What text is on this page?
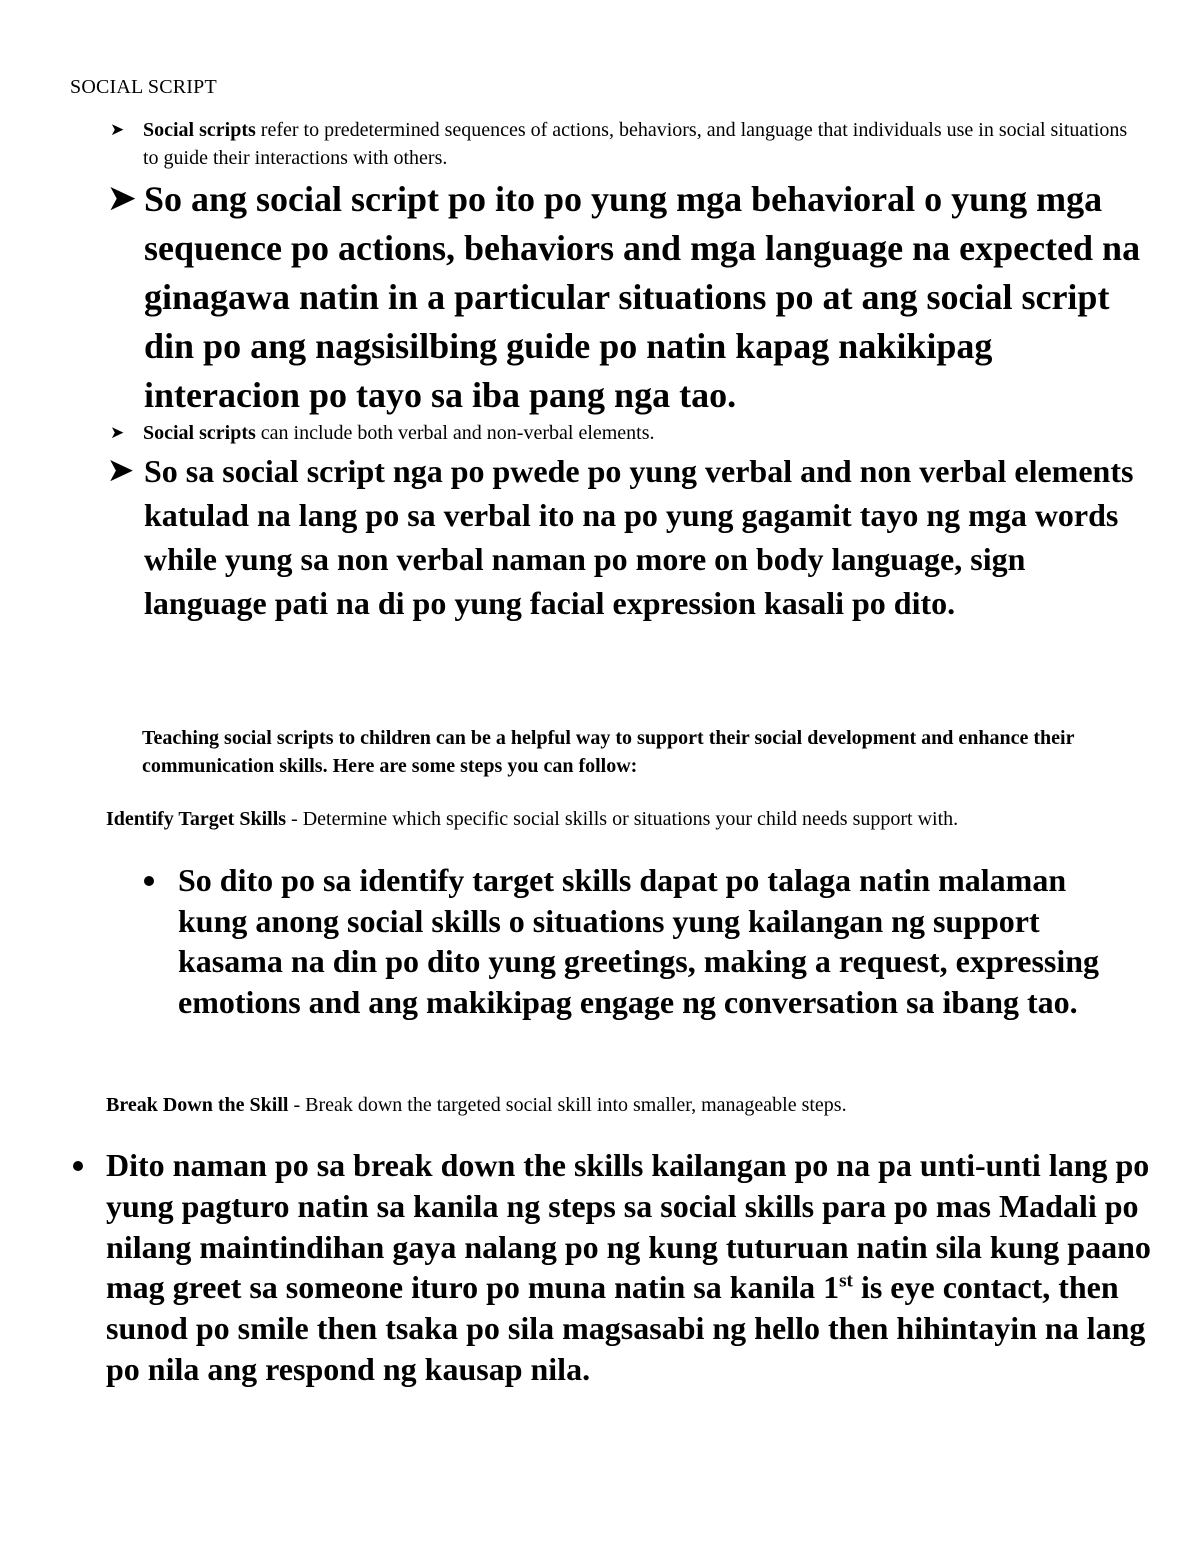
SOCIAL SCRIPT
➤ Social scripts refer to predetermined sequences of actions, behaviors, and language that individuals use in social situations to guide their interactions with others.
➤ So ang social script po ito po yung mga behavioral o yung mga sequence po actions, behaviors and mga language na expected na ginagawa natin in a particular situations po at ang social script din po ang nagsisilbing guide po natin kapag nakikipag interacion po tayo sa iba pang nga tao.
➤ Social scripts can include both verbal and non-verbal elements.
➤ So sa social script nga po pwede po yung verbal and non verbal elements katulad na lang po sa verbal ito na po yung gagamit tayo ng mga words while yung sa non verbal naman po more on body language, sign language pati na di po yung facial expression kasali po dito.
Teaching social scripts to children can be a helpful way to support their social development and enhance their communication skills. Here are some steps you can follow:
Identify Target Skills - Determine which specific social skills or situations your child needs support with.
So dito po sa identify target skills dapat po talaga natin malaman kung anong social skills o situations yung kailangan ng support kasama na din po dito yung greetings, making a request, expressing emotions and ang makikipag engage ng conversation sa ibang tao.
Break Down the Skill - Break down the targeted social skill into smaller, manageable steps.
Dito naman po sa break down the skills kailangan po na pa unti-unti lang po yung pagturo natin sa kanila ng steps sa social skills para po mas Madali po nilang maintindihan gaya nalang po ng kung tuturuan natin sila kung paano mag greet sa someone ituro po muna natin sa kanila 1st is eye contact, then sunod po smile then tsaka po sila magsasabi ng hello then hihintayin na lang po nila ang respond ng kausap nila.
